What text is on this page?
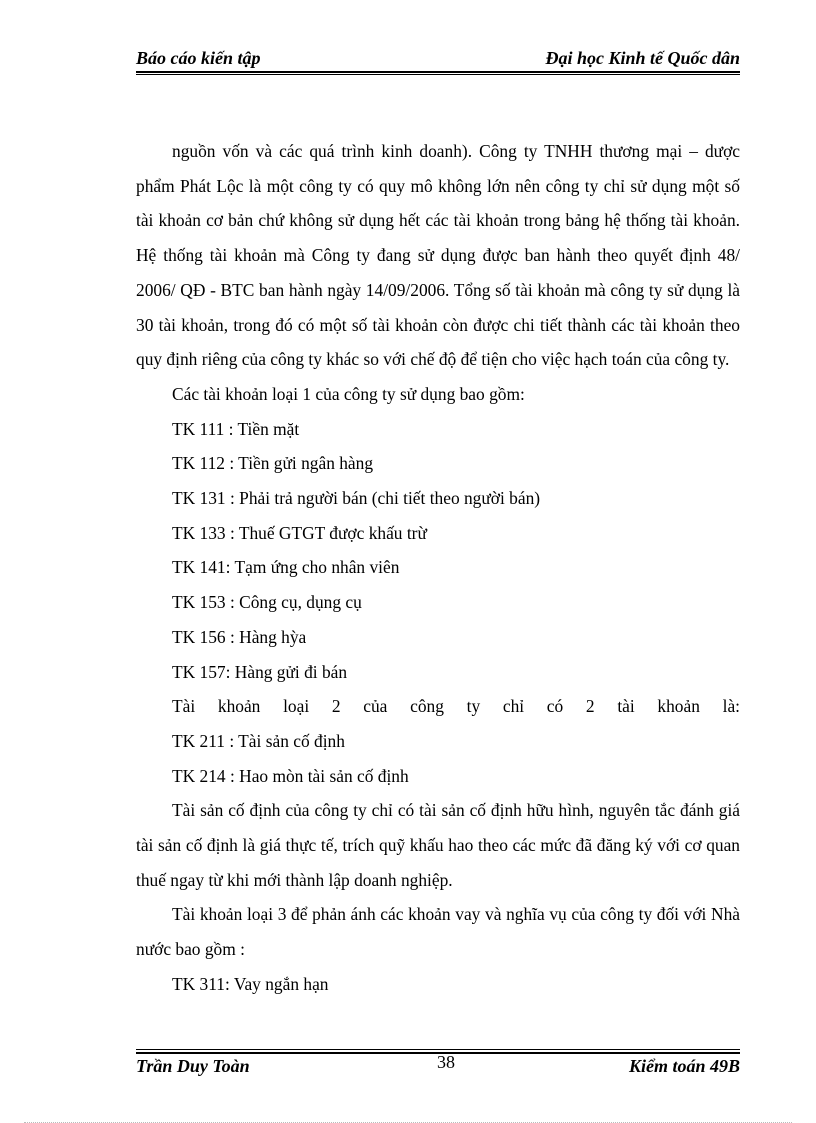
Báo cáo kiến tập	Đại học Kinh tế Quốc dân

nguồn vốn và các quá trình kinh doanh). Công ty TNHH thương mại – dược phẩm Phát Lộc là một công ty có quy mô không lớn nên công ty chỉ sử dụng một số tài khoản cơ bản chứ không sử dụng hết các tài khoản trong bảng hệ thống tài khoản. Hệ thống tài khoản mà Công ty đang sử dụng được ban hành theo quyết định 48/ 2006/ QĐ - BTC ban hành ngày 14/09/2006. Tổng số tài khoản mà công ty sử dụng là 30 tài khoản, trong đó có một số tài khoản còn được chi tiết thành các tài khoản theo quy định riêng của công ty khác so với chế độ để tiện cho việc hạch toán của công ty.

Các tài khoản loại 1 của công ty sử dụng bao gồm:

TK 111 : Tiền mặt

TK 112 : Tiền gửi ngân hàng

TK 131 : Phải trả người bán (chi tiết theo người bán)

TK 133 : Thuế GTGT được khấu trừ

TK 141: Tạm ứng cho nhân viên

TK 153 : Công cụ, dụng cụ

TK 156 : Hàng hỳa

TK 157: Hàng gửi đi bán

Tài khoản loại 2 của công ty chỉ có 2 tài khoản là:

TK 211 : Tài sản cố định

TK 214 : Hao mòn tài sản cố định

Tài sản cố định của công ty chỉ có tài sản cố định hữu hình, nguyên tắc đánh giá tài sản cố định là giá thực tế, trích quỹ khấu hao theo các mức đã đăng ký với cơ quan thuế ngay từ khi mới thành lập doanh nghiệp.

Tài khoản loại 3 để phản ánh các khoản vay và nghĩa vụ của công ty đối với Nhà nước bao gồm :

TK 311: Vay ngắn hạn

Trần Duy Toàn	38	Kiểm toán 49B
